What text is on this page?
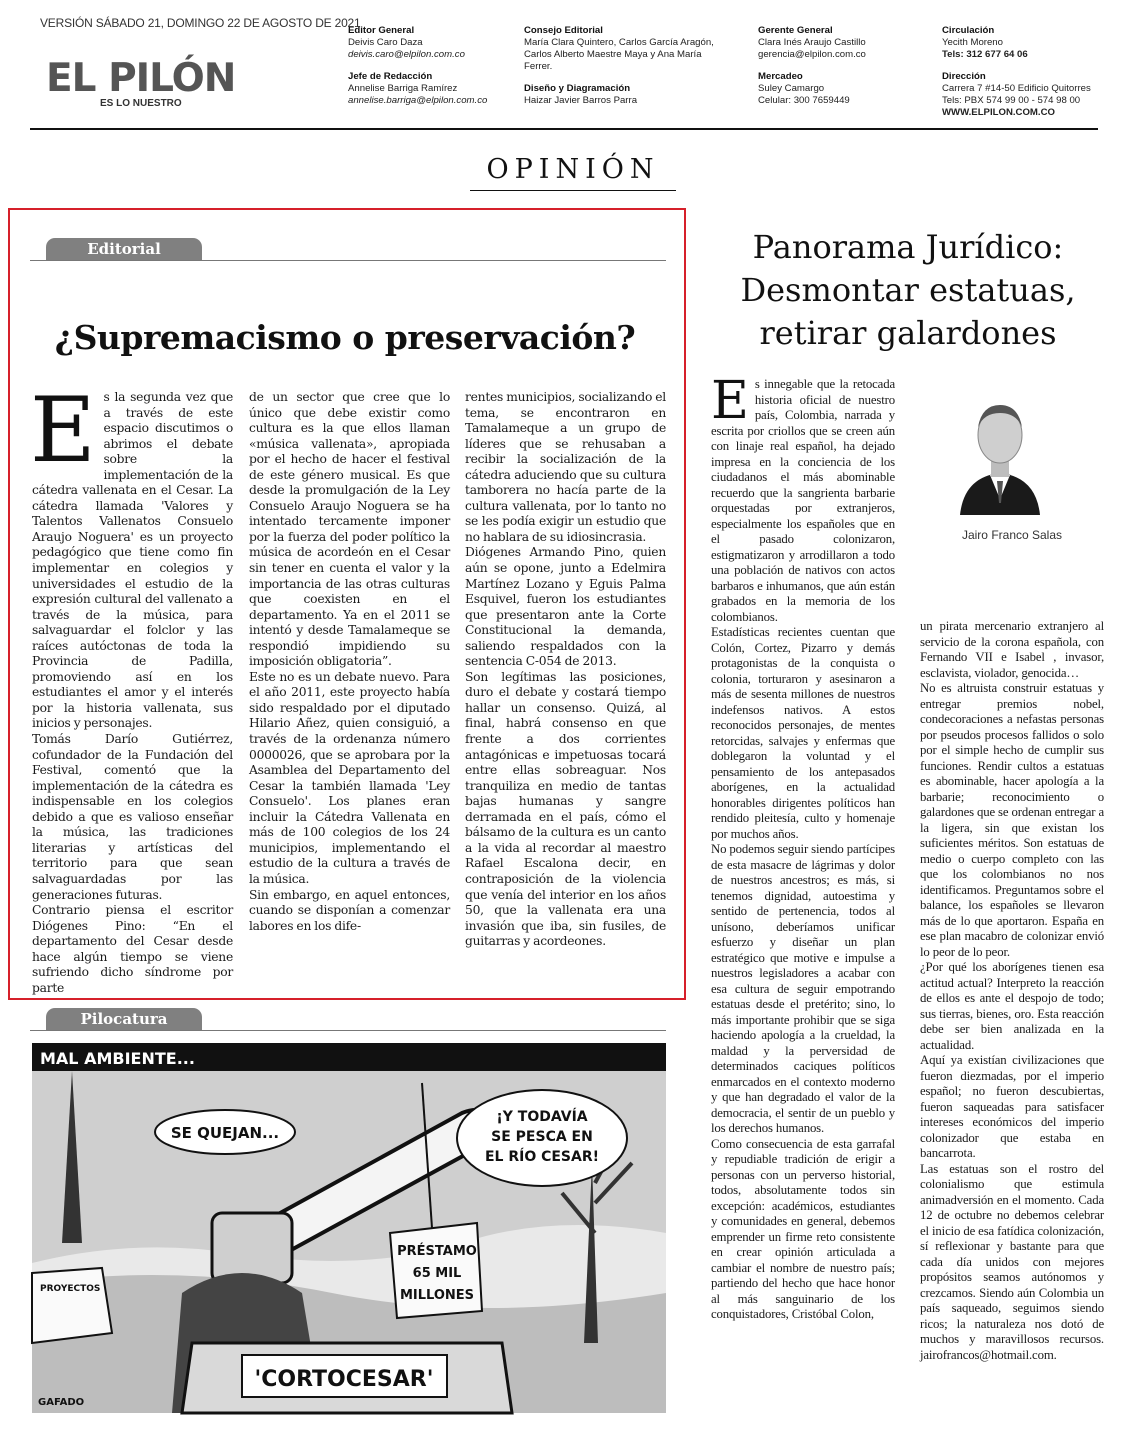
VERSIÓN SÁBADO 21, DOMINGO 22 DE AGOSTO DE 2021
EL PILÓN
ES LO NUESTRO
Editor General
Deivis Caro Daza
deivis.caro@elpilon.com.co
Jefe de Redacción
Annelise Barriga Ramírez
annelise.barriga@elpilon.com.co
Consejo Editorial
María Clara Quintero, Carlos García Aragón,
Carlos Alberto Maestre Maya y Ana María
Ferrer.
Diseño y Diagramación
Haizar Javier Barros Parra
Gerente General
Clara Inés Araujo Castillo
gerencia@elpilon.com.co
Mercadeo
Suley Camargo
Celular: 300 7659449
Circulación
Yecith Moreno
Tels: 312 677 64 06
Dirección
Carrera 7 #14-50 Edificio Quitorres
Tels: PBX 574 99 00 - 574 98 00
WWW.ELPILON.COM.CO
OPINIÓN
Editorial
¿Supremacismo o preservación?
E s la segunda vez que a través de este espacio discutimos o abrimos el debate sobre la implementación de la cátedra vallenata en el Cesar. La cátedra llamada 'Valores y Talentos Vallenatos Consuelo Araujo Noguera' es un proyecto pedagógico que tiene como fin implementar en colegios y universidades el estudio de la expresión cultural del vallenato a través de la música, para salvaguardar el folclor y las raíces autóctonas de toda la Provincia de Padilla, promoviendo así en los estudiantes el amor y el interés por la historia vallenata, sus inicios y personajes.

Tomás Darío Gutiérrez, cofundador de la Fundación del Festival, comentó que la implementación de la cátedra es indispensable en los colegios debido a que es valioso enseñar la música, las tradiciones literarias y artísticas del territorio para que sean salvaguardadas por las generaciones futuras.

Contrario piensa el escritor Diógenes Pino: “En el departamento del Cesar desde hace algún tiempo se viene sufriendo dicho síndrome por parte

de un sector que cree que lo único que debe existir como cultura es la que ellos llaman «música vallenata», apropiada por el hecho de hacer el festival de este género musical. Es que desde la promulgación de la Ley Consuelo Araujo Noguera se ha intentado tercamente imponer por la fuerza del poder político la música de acordeón en el Cesar sin tener en cuenta el valor y la importancia de las otras culturas que coexisten en el departamento. Ya en el 2011 se intentó y desde Tamalameque se respondió impidiendo su imposición obligatoria”.

Este no es un debate nuevo. Para el año 2011, este proyecto había sido respaldado por el diputado Hilario Añez, quien consiguió, a través de la ordenanza número 0000026, que se aprobara por la Asamblea del Departamento del Cesar la también llamada 'Ley Consuelo'. Los planes eran incluir la Cátedra Vallenata en más de 100 colegios de los 24 municipios, implementando el estudio de la cultura a través de la música.

Sin embargo, en aquel entonces, cuando se disponían a comenzar labores en los dife-

rentes municipios, socializando el tema, se encontraron en Tamalameque a un grupo de líderes que se rehusaban a recibir la socialización de la cátedra aduciendo que su cultura tamborera no hacía parte de la cultura vallenata, por lo tanto no se les podía exigir un estudio que no hablara de su idiosincrasia.

Diógenes Armando Pino, quien aún se opone, junto a Edelmira Martínez Lozano y Eguis Palma Esquivel, fueron los estudiantes que presentaron ante la Corte Constitucional la demanda, saliendo respaldados con la sentencia C-054 de 2013.

Son legítimas las posiciones, duro el debate y costará tiempo hallar un consenso. Quizá, al final, habrá consenso en que frente a dos corrientes antagónicas e impetuosas tocará entre ellas sobreaguar. Nos tranquiliza en medio de tantas bajas humanas y sangre derramada en el país, cómo el bálsamo de la cultura es un canto a la vida al recordar al maestro Rafael Escalona decir, en contraposición de la violencia que venía del interior en los años 50, que la vallenata era una invasión que iba, sin fusiles, de guitarras y acordeones.

Pilocatura
MAL AMBIENTE...
SE QUEJAN...
¡Y TODAVÍA
SE PESCA EN
EL RÍO CESAR!
PRÉSTAMO
65 MIL
MILLONES
PROYECTOS
'CORTOCESAR'
GAFADO
Panorama Jurídico:
Desmontar estatuas,
retirar galardones
Jairo Franco Salas
E s innegable que la retocada historia oficial de nuestro país, Colombia, narrada y escrita por criollos que se creen aún con linaje real español, ha dejado impresa en la conciencia de los ciudadanos el más abominable recuerdo que la sangrienta barbarie orquestadas por extranjeros, especialmente los españoles que en el pasado colonizaron, estigmatizaron y arrodillaron a todo una población de nativos con actos barbaros e inhumanos, que aún están grabados en la memoria de los colombianos.

Estadísticas recientes cuentan que Colón, Cortez, Pizarro y demás protagonistas de la conquista o colonia, torturaron y asesinaron a más de sesenta millones de nuestros indefensos nativos. A estos reconocidos personajes, de mentes retorcidas, salvajes y enfermas que doblegaron la voluntad y el pensamiento de los antepasados aborígenes, en la actualidad honorables dirigentes políticos han rendido pleitesía, culto y homenaje por muchos años.

No podemos seguir siendo partícipes de esta masacre de lágrimas y dolor de nuestros ancestros; es más, si tenemos dignidad, autoestima y sentido de pertenencia, todos al unísono, deberíamos unificar esfuerzo y diseñar un plan estratégico que motive e impulse a nuestros legisladores a acabar con esa cultura de seguir empotrando estatuas desde el pretérito; sino, lo más importante prohibir que se siga haciendo apología a la crueldad, la maldad y la perversidad de determinados caciques políticos enmarcados en el contexto moderno y que han degradado el valor de la democracia, el sentir de un pueblo y los derechos humanos.

Como consecuencia de esta garrafal y repudiable tradición de erigir a personas con un perverso historial, todos, absolutamente todos sin excepción: académicos, estudiantes y comunidades en general, debemos emprender un firme reto consistente en crear opinión articulada a cambiar el nombre de nuestro país; partiendo del hecho que hace honor al más sanguinario de los conquistadores, Cristóbal Colon,

un pirata mercenario extranjero al servicio de la corona española, con Fernando VII e Isabel , invasor, esclavista, violador, genocida…

No es altruista construir estatuas y entregar premios nobel, condecoraciones a nefastas personas por pseudos procesos fallidos o solo por el simple hecho de cumplir sus funciones. Rendir cultos a estatuas es abominable, hacer apología a la barbarie; reconocimiento o galardones que se ordenan entregar a la ligera, sin que existan los suficientes méritos. Son estatuas de medio o cuerpo completo con las que los colombianos no nos identificamos. Preguntamos sobre el balance, los españoles se llevaron más de lo que aportaron. España en ese plan macabro de colonizar envió lo peor de lo peor.

¿Por qué los aborígenes tienen esa actitud actual? Interpreto la reacción de ellos es ante el despojo de todo; sus tierras, bienes, oro. Esta reacción debe ser bien analizada en la actualidad.

Aquí ya existían civilizaciones que fueron diezmadas, por el imperio español; no fueron descubiertas, fueron saqueadas para satisfacer intereses económicos del imperio colonizador que estaba en bancarrota.

Las estatuas son el rostro del colonialismo que estimula animadversión en el momento. Cada 12 de octubre no debemos celebrar el inicio de esa fatídica colonización, sí reflexionar y bastante para que cada día unidos con mejores propósitos seamos autónomos y crezcamos. Siendo aún Colombia un país saqueado, seguimos siendo ricos; la naturaleza nos dotó de muchos y maravillosos recursos. jairofrancos@hotmail.com.
